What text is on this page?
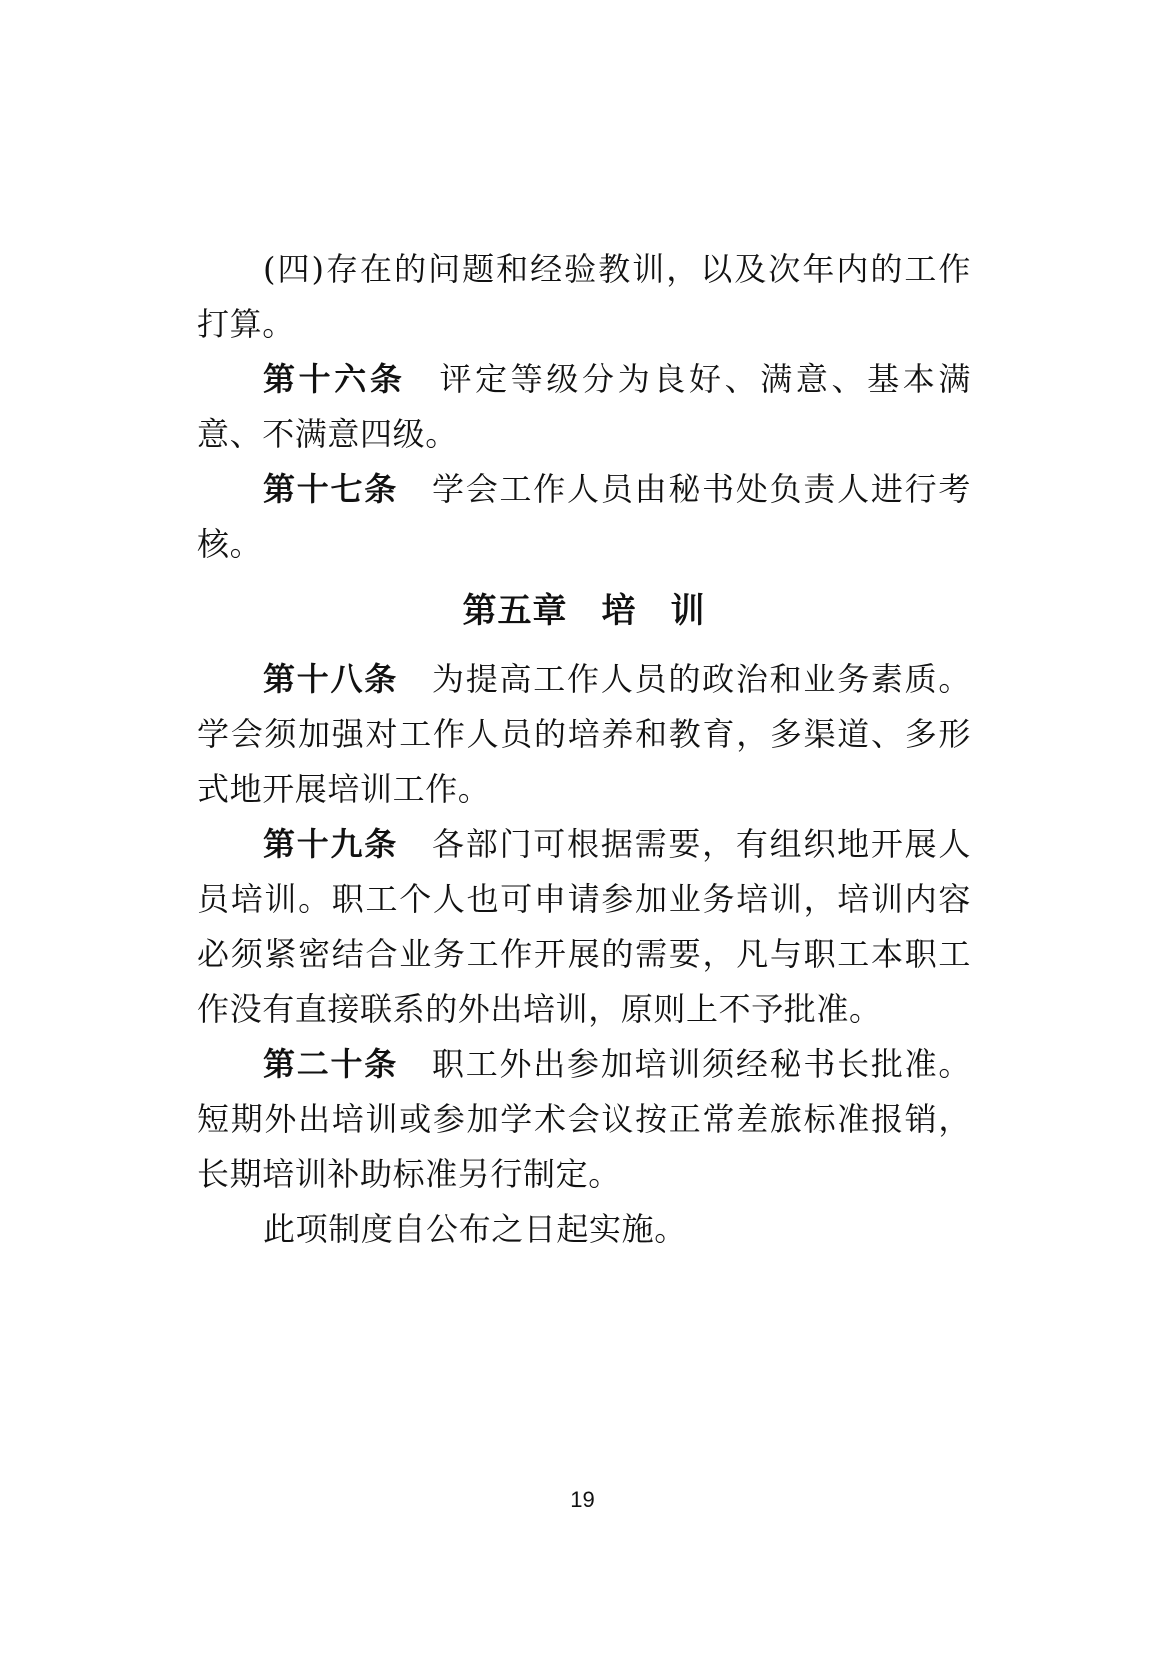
(四)存在的问题和经验教训，以及次年内的工作打算。

第十六条 评定等级分为良好、满意、基本满意、不满意四级。

第十七条 学会工作人员由秘书处负责人进行考核。

第五章 培 训

第十八条 为提高工作人员的政治和业务素质。学会须加强对工作人员的培养和教育，多渠道、多形式地开展培训工作。

第十九条 各部门可根据需要，有组织地开展人员培训。职工个人也可申请参加业务培训，培训内容必须紧密结合业务工作开展的需要，凡与职工本职工作没有直接联系的外出培训，原则上不予批准。

第二十条 职工外出参加培训须经秘书长批准。短期外出培训或参加学术会议按正常差旅标准报销，长期培训补助标准另行制定。

此项制度自公布之日起实施。

19
